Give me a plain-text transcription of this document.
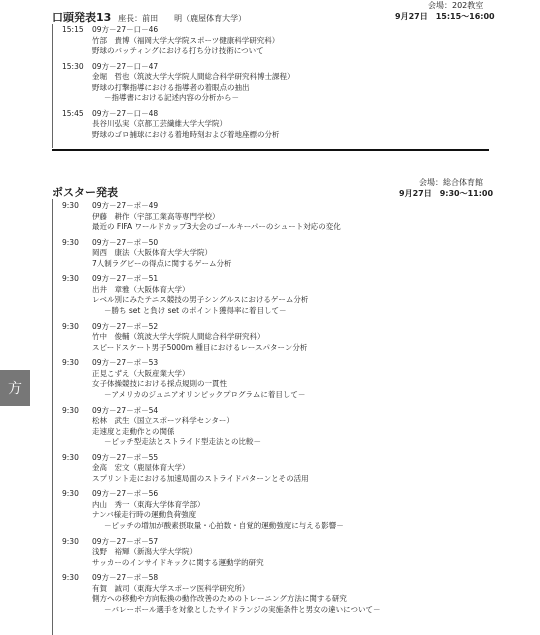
会場：202教室
口頭発表13 座長：前田　　明（鹿屋体育大学）	9月27日　15:15～16:00
15:15	09方－27－口－46
竹部　貴博（福岡大学大学院スポーツ健康科学研究科）
野球のバッティングにおける打ち分け技術について
15:30	09方－27－口－47
金堀　哲也（筑波大学大学院人間総合科学研究科博士課程）
野球の打撃指導における指導者の着眼点の抽出
－指導書における記述内容の分析から－
15:45	09方－27－口－48
長谷川弘実（京都工芸繊維大学大学院）
野球のゴロ捕球における着地時刻および着地座標の分析
会場：総合体育館
ポスター発表	9月27日　9:30～11:00
9:30	09方－27－ポ－49
伊藤　耕作（宇部工業高等専門学校）
最近の FIFA ワールドカップ3大会のゴールキーパーのシュート対応の変化
9:30	09方－27－ポ－50
岡西　康法（大阪体育大学大学院）
7人制ラグビーの得点に関するゲーム分析
9:30	09方－27－ポ－51
出井　章雅（大阪体育大学）
レベル別にみたテニス競技の男子シングルスにおけるゲーム分析
－勝ち set と負け set のポイント獲得率に着目して－
9:30	09方－27－ポ－52
竹中　俊輔（筑波大学大学院人間総合科学研究科）
スピードスケート男子5000m 種目におけるレースパターン分析
9:30	09方－27－ポ－53
正見こずえ（大阪産業大学）
女子体操競技における採点規則の一貫性
－アメリカのジュニアオリンピックプログラムに着目して－
9:30	09方－27－ポ－54
松林　武生（国立スポーツ科学センター）
走速度と走動作との関係
－ピッチ型走法とストライド型走法との比較－
9:30	09方－27－ポ－55
金高　宏文（鹿屋体育大学）
スプリント走における加速局面のストライドパターンとその活用
9:30	09方－27－ポ－56
内山　秀一（東海大学体育学部）
ナンバ様走行時の運動負荷強度
－ピッチの増加が酸素摂取量・心拍数・自覚的運動強度に与える影響－
9:30	09方－27－ポ－57
浅野　裕輝（新潟大学大学院）
サッカーのインサイドキックに関する運動学的研究
9:30	09方－27－ポ－58
有賀　誠司（東海大学スポーツ医科学研究所）
側方への移動や方向転換の動作改善のためのトレーニング方法に関する研究
－バレーボール選手を対象としたサイドランジの実施条件と男女の違いについて－
方
